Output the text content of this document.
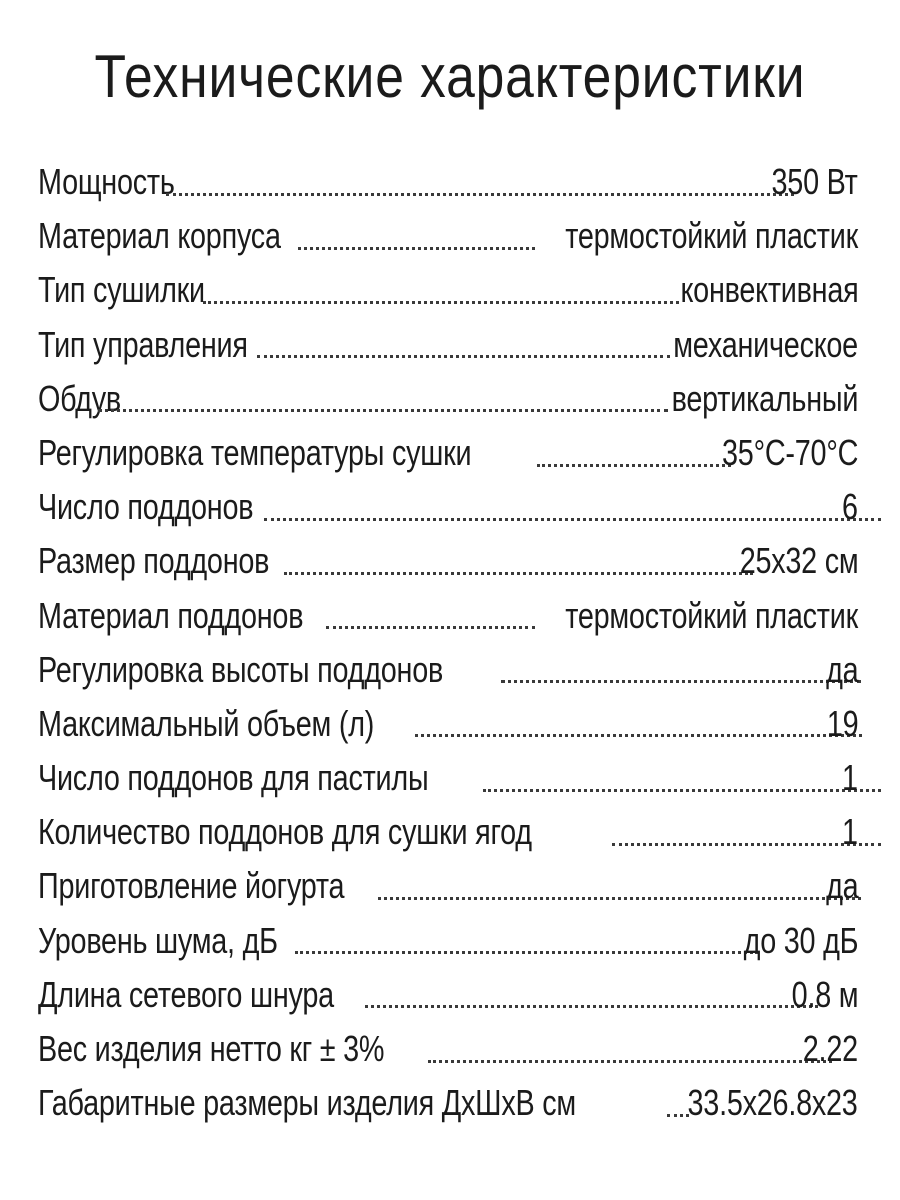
Технические характеристики
Мощность	350 Вт
Материал корпуса	термостойкий пластик
Тип сушилки	конвективная
Тип управления	механическое
Обдув	вертикальный
Регулировка температуры сушки	35°C-70°C
Число поддонов	6
Размер поддонов	25x32 см
Материал поддонов	термостойкий пластик
Регулировка высоты поддонов	да
Максимальный объем (л)	19
Число поддонов для пастилы	1
Количество поддонов для сушки ягод	1
Приготовление йогурта	да
Уровень шума, дБ	до 30 дБ
Длина сетевого шнура	0.8 м
Вес изделия нетто кг ± 3%	2.22
Габаритные размеры изделия ДхШхВ см	33.5x26.8x23
